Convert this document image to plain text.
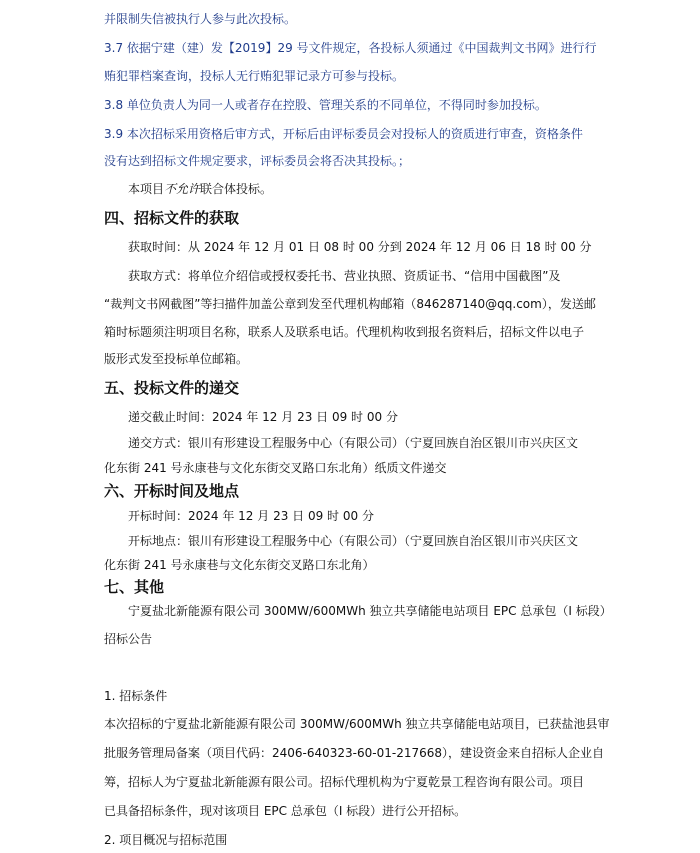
并限制失信被执行人参与此次投标。
3.7 依据宁建（建）发【2019】29 号文件规定，各投标人须通过《中国裁判文书网》进行行
贿犯罪档案查询，投标人无行贿犯罪记录方可参与投标。
3.8 单位负责人为同一人或者存在控股、管理关系的不同单位，不得同时参加投标。
3.9 本次招标采用资格后审方式，开标后由评标委员会对投标人的资质进行审查，资格条件
没有达到招标文件规定要求，评标委员会将否决其投标。；
本项目不允许联合体投标。
四、招标文件的获取
获取时间：从 2024 年 12 月 01 日 08 时 00 分到 2024 年 12 月 06 日 18 时 00 分
获取方式：将单位介绍信或授权委托书、营业执照、资质证书、“信用中国截图”及
“裁判文书网截图”等扫描件加盖公章到发至代理机构邮箱（846287140@qq.com），发送邮
箱时标题须注明项目名称，联系人及联系电话。代理机构收到报名资料后，招标文件以电子
版形式发至投标单位邮箱。
五、投标文件的递交
递交截止时间：2024 年 12 月 23 日 09 时 00 分
递交方式：银川有形建设工程服务中心（有限公司）（宁夏回族自治区银川市兴庆区文
化东街 241 号永康巷与文化东街交叉路口东北角）纸质文件递交
六、开标时间及地点
开标时间：2024 年 12 月 23 日 09 时 00 分
开标地点：银川有形建设工程服务中心（有限公司）（宁夏回族自治区银川市兴庆区文
化东街 241 号永康巷与文化东街交叉路口东北角）
七、其他
宁夏盐北新能源有限公司 300MW/600MWh 独立共享储能电站项目 EPC 总承包（I 标段）
招标公告
1. 招标条件
本次招标的宁夏盐北新能源有限公司 300MW/600MWh 独立共享储能电站项目，已获盐池县审
批服务管理局备案（项目代码：2406-640323-60-01-217668），建设资金来自招标人企业自
筹，招标人为宁夏盐北新能源有限公司。招标代理机构为宁夏乾景工程咨询有限公司。项目
已具备招标条件，现对该项目 EPC 总承包（I 标段）进行公开招标。
2. 项目概况与招标范围
